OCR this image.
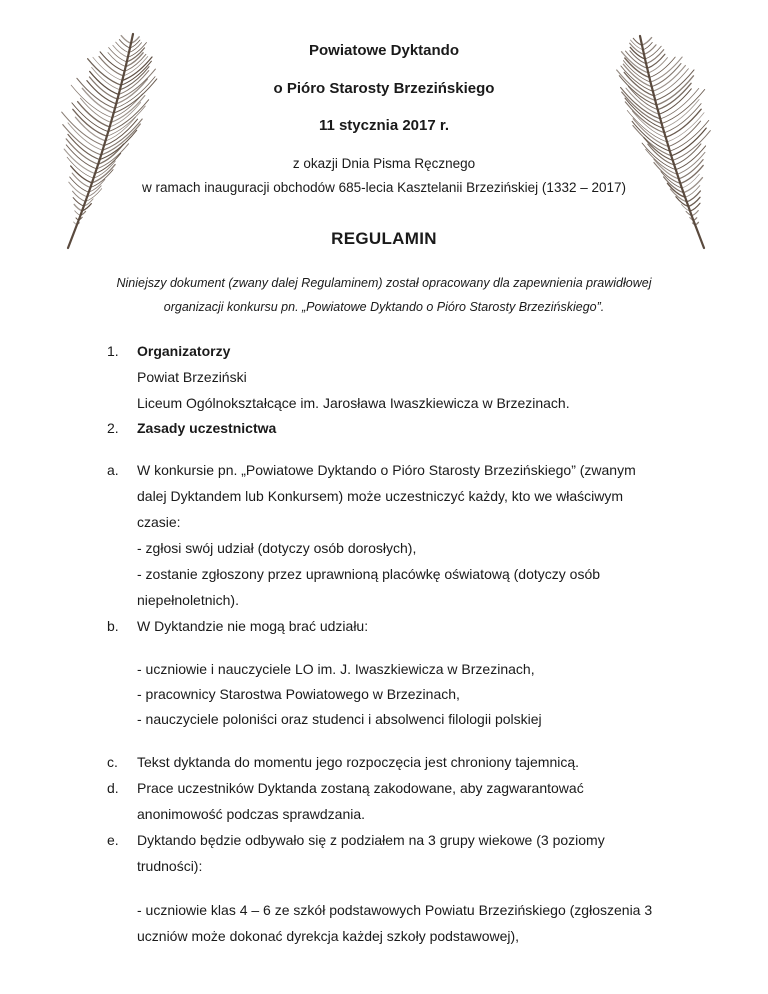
Powiatowe Dyktando
o Pióro Starosty Brzezińskiego
11 stycznia 2017 r.
z okazji Dnia Pisma Ręcznego
w ramach inauguracji obchodów 685-lecia Kasztelanii Brzezińskiej (1332 – 2017)
REGULAMIN
Niniejszy dokument (zwany dalej Regulaminem) został opracowany dla zapewnienia prawidłowej
organizacji konkursu pn. „Powiatowe Dyktando o Pióro Starosty Brzezińskiego”.
1. Organizatorzy
Powiat Brzeziński
Liceum Ogólnokształcące im. Jarosława Iwaszkiewicza w Brzezinach.
2. Zasady uczestnictwa
a. W konkursie pn. „Powiatowe Dyktando o Pióro Starosty Brzezińskiego” (zwanym
dalej Dyktandem lub Konkursem) może uczestniczyć każdy, kto we właściwym
czasie:
- zgłosi swój udział (dotyczy osób dorosłych),
- zostanie zgłoszony przez uprawnioną placówkę oświatową (dotyczy osób
niepełnoletnich).
b. W Dyktandzie nie mogą brać udziału:
- uczniowie i nauczyciele LO im. J. Iwaszkiewicza w Brzezinach,
- pracownicy Starostwa Powiatowego w Brzezinach,
- nauczyciele poloniści oraz studenci i absolwenci filologii polskiej
c. Tekst dyktanda do momentu jego rozpoczęcia jest chroniony tajemnicą.
d. Prace uczestników Dyktanda zostaną zakodowane, aby zagwarantować
anonimowość podczas sprawdzania.
e. Dyktando będzie odbywało się z podziałem na 3 grupy wiekowe (3 poziomy
trudności):
- uczniowie klas 4 – 6 ze szkół podstawowych Powiatu Brzezińskiego (zgłoszenia 3
uczniów może dokonać dyrekcja każdej szkoły podstawowej),
